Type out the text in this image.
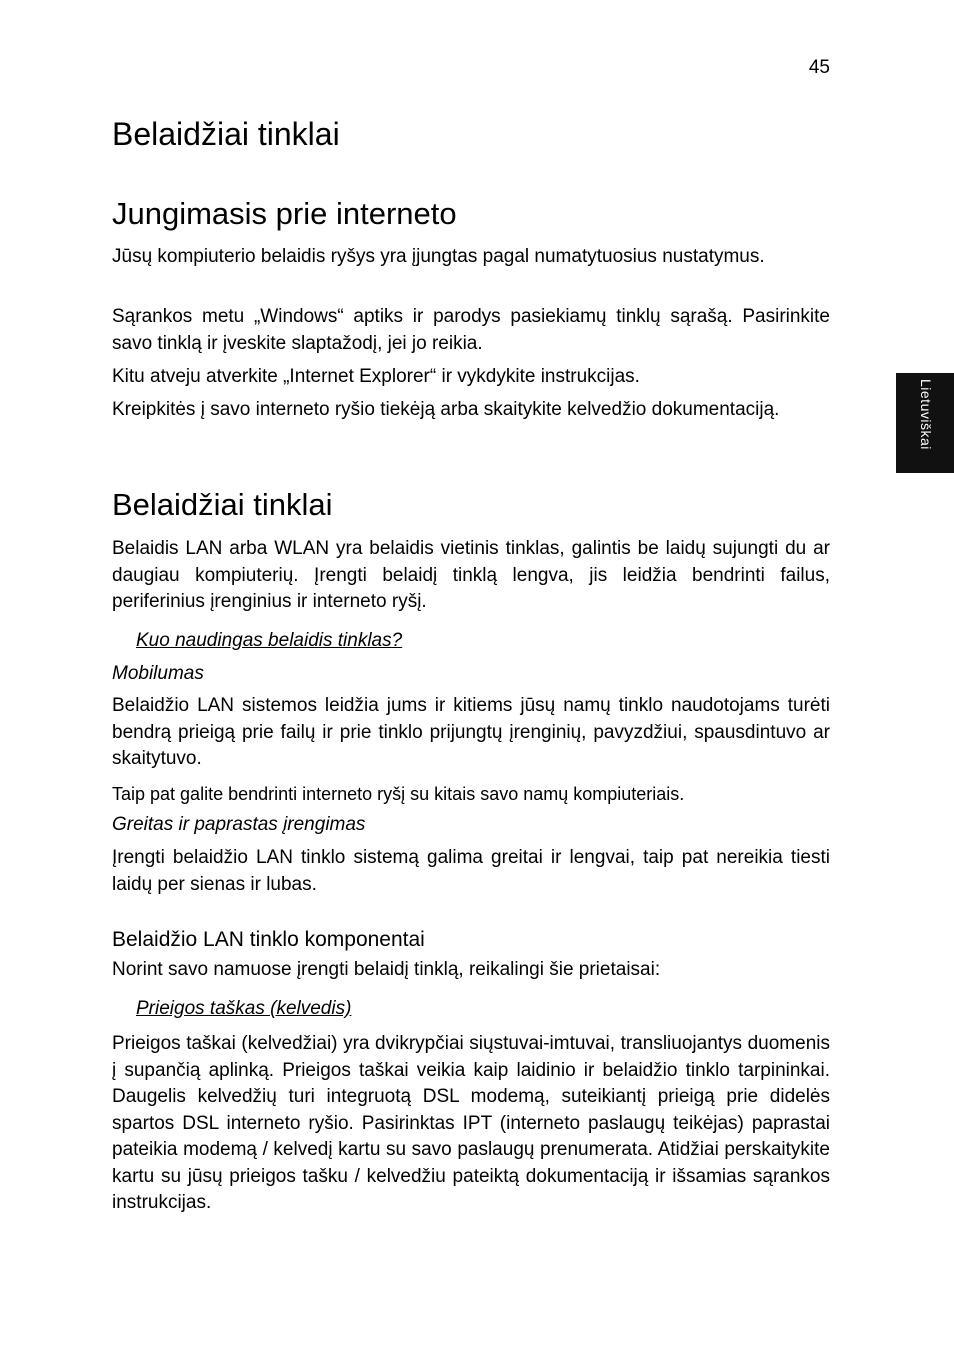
45
Lietuviškai
Belaidžiai tinklai
Jungimasis prie interneto

Jūsų kompiuterio belaidis ryšys yra įjungtas pagal numatytuosius nustatymus.

Sąrankos metu „Windows“ aptiks ir parodys pasiekiamų tinklų sąrašą. Pasirinkite savo tinklą ir įveskite slaptažodį, jei jo reikia.

Kitu atveju atverkite „Internet Explorer“ ir vykdykite instrukcijas.

Kreipkitės į savo interneto ryšio tiekėją arba skaitykite kelvedžio dokumentaciją.

Belaidžiai tinklai

Belaidis LAN arba WLAN yra belaidis vietinis tinklas, galintis be laidų sujungti du ar daugiau kompiuterių. Įrengti belaidį tinklą lengva, jis leidžia bendrinti failus, periferinius įrenginius ir interneto ryšį.

Kuo naudingas belaidis tinklas?

Mobilumas

Belaidžio LAN sistemos leidžia jums ir kitiems jūsų namų tinklo naudotojams turėti bendrą prieigą prie failų ir prie tinklo prijungtų įrenginių, pavyzdžiui, spausdintuvo ar skaitytuvo.

Taip pat galite bendrinti interneto ryšį su kitais savo namų kompiuteriais.

Greitas ir paprastas įrengimas

Įrengti belaidžio LAN tinklo sistemą galima greitai ir lengvai, taip pat nereikia tiesti laidų per sienas ir lubas.

Belaidžio LAN tinklo komponentai

Norint savo namuose įrengti belaidį tinklą, reikalingi šie prietaisai:

Prieigos taškas (kelvedis)

Prieigos taškai (kelvedžiai) yra dvikrypčiai siųstuvai-imtuvai, transliuojantys duomenis į supančią aplinką. Prieigos taškai veikia kaip laidinio ir belaidžio tinklo tarpininkai. Daugelis kelvedžių turi integruotą DSL modemą, suteikiantį prieigą prie didelės spartos DSL interneto ryšio. Pasirinktas IPT (interneto paslaugų teikėjas) paprastai pateikia modemą / kelvedį kartu su savo paslaugų prenumerata. Atidžiai perskaitykite kartu su jūsų prieigos tašku / kelvedžiu pateiktą dokumentaciją ir išsamias sąrankos instrukcijas.
